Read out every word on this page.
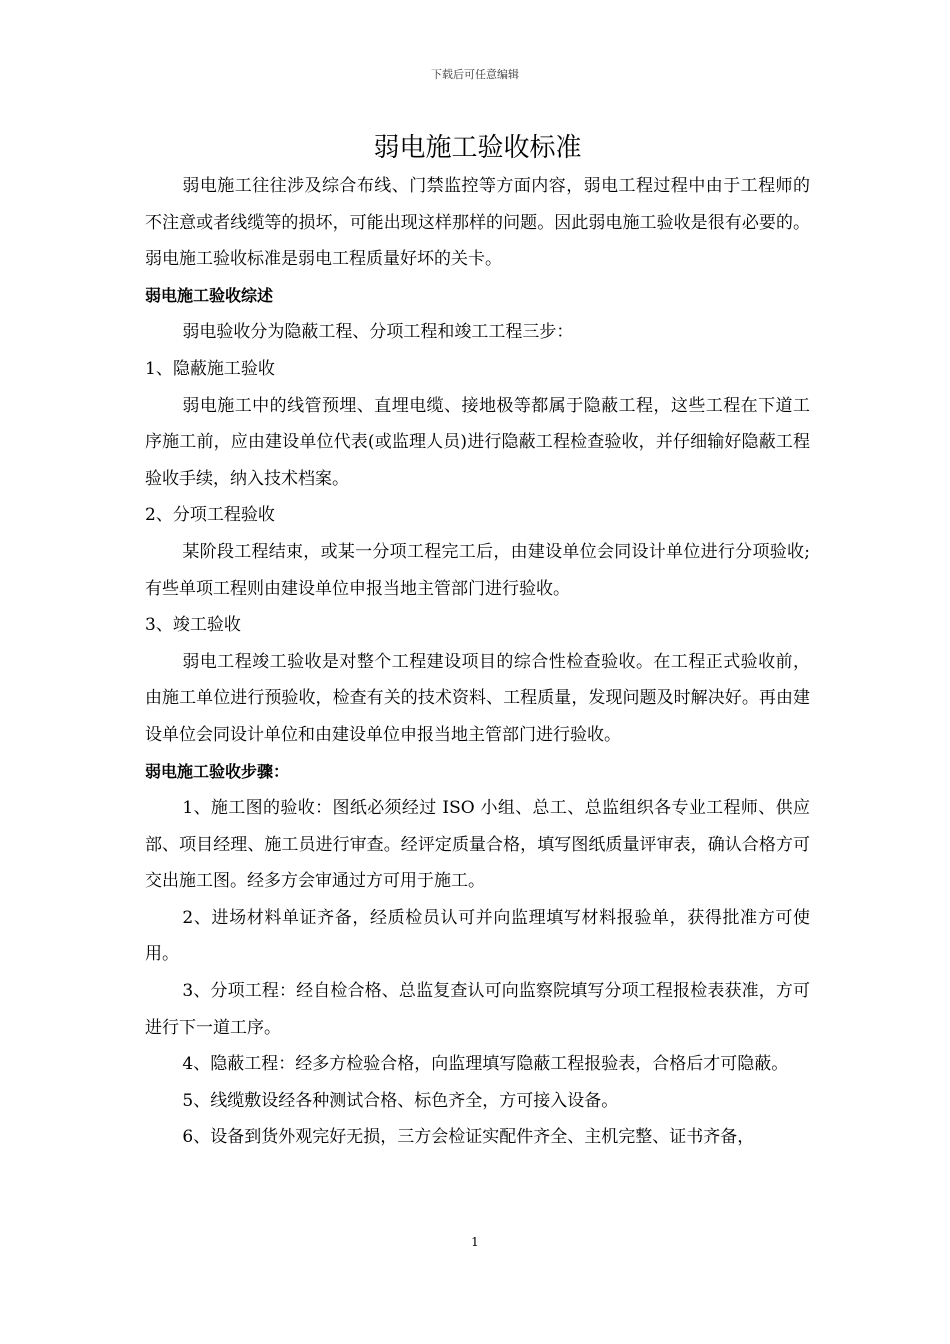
下载后可任意编辑
弱电施工验收标准

弱电施工往往涉及综合布线、门禁监控等方面内容，弱电工程过程中由于工程师的不注意或者线缆等的损坏，可能出现这样那样的问题。因此弱电施工验收是很有必要的。弱电施工验收标准是弱电工程质量好坏的关卡。

弱电施工验收综述

弱电验收分为隐蔽工程、分项工程和竣工工程三步：

1、隐蔽施工验收

弱电施工中的线管预埋、直埋电缆、接地极等都属于隐蔽工程，这些工程在下道工序施工前，应由建设单位代表(或监理人员)进行隐蔽工程检查验收，并仔细输好隐蔽工程验收手续，纳入技术档案。

2、分项工程验收

某阶段工程结束，或某一分项工程完工后，由建设单位会同设计单位进行分项验收;有些单项工程则由建设单位申报当地主管部门进行验收。

3、竣工验收

弱电工程竣工验收是对整个工程建设项目的综合性检查验收。在工程正式验收前，由施工单位进行预验收，检查有关的技术资料、工程质量，发现问题及时解决好。再由建设单位会同设计单位和由建设单位申报当地主管部门进行验收。

弱电施工验收步骤：

1、施工图的验收：图纸必须经过 ISO 小组、总工、总监组织各专业工程师、供应部、项目经理、施工员进行审查。经评定质量合格，填写图纸质量评审表，确认合格方可交出施工图。经多方会审通过方可用于施工。

2、进场材料单证齐备，经质检员认可并向监理填写材料报验单，获得批准方可使用。

3、分项工程：经自检合格、总监复查认可向监察院填写分项工程报检表获准，方可进行下一道工序。

4、隐蔽工程：经多方检验合格，向监理填写隐蔽工程报验表，合格后才可隐蔽。

5、线缆敷设经各种测试合格、标色齐全，方可接入设备。

6、设备到货外观完好无损，三方会检证实配件齐全、主机完整、证书齐备，

1
